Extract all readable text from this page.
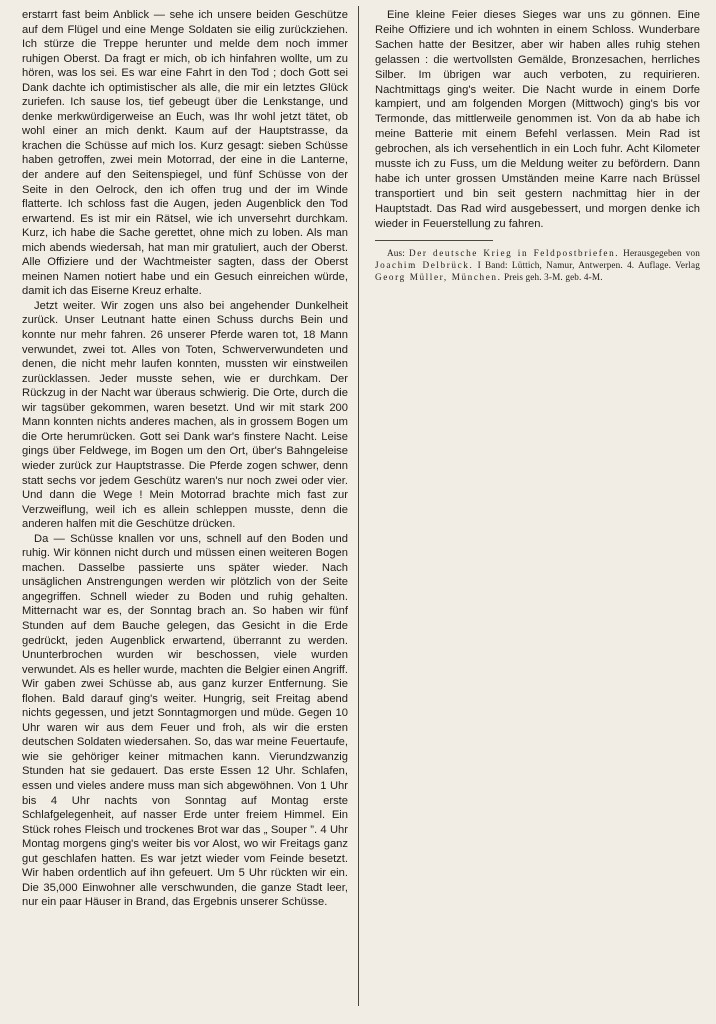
erstarrt fast beim Anblick — sehe ich unsere beiden Geschütze auf dem Flügel und eine Menge Soldaten sie eilig zurückziehen. Ich stürze die Treppe herunter und melde dem noch immer ruhigen Oberst. Da fragt er mich, ob ich hinfahren wollte, um zu hören, was los sei. Es war eine Fahrt in den Tod ; doch Gott sei Dank dachte ich optimistischer als alle, die mir ein letztes Glück zuriefen. Ich sause los, tief gebeugt über die Lenkstange, und denke merkwürdigerweise an Euch, was Ihr wohl jetzt tätet, ob wohl einer an mich denkt. Kaum auf der Hauptstrasse, da krachen die Schüsse auf mich los. Kurz gesagt: sieben Schüsse haben getroffen, zwei mein Motorrad, der eine in die Lanterne, der andere auf den Seitenspiegel, und fünf Schüsse von der Seite in den Oelrock, den ich offen trug und der im Winde flatterte. Ich schloss fast die Augen, jeden Augenblick den Tod erwartend. Es ist mir ein Rätsel, wie ich unversehrt durchkam. Kurz, ich habe die Sache gerettet, ohne mich zu loben. Als man mich abends wiedersah, hat man mir gratuliert, auch der Oberst. Alle Offiziere und der Wachtmeister sagten, dass der Oberst meinen Namen notiert habe und ein Gesuch einreichen würde, damit ich das Eiserne Kreuz erhalte.

Jetzt weiter. Wir zogen uns also bei angehender Dunkelheit zurück. Unser Leutnant hatte einen Schuss durchs Bein und konnte nur mehr fahren. 26 unserer Pferde waren tot, 18 Mann verwundet, zwei tot. Alles von Toten, Schwerverwundeten und denen, die nicht mehr laufen konnten, mussten wir einstweilen zurücklassen. Jeder musste sehen, wie er durchkam. Der Rückzug in der Nacht war überaus schwierig. Die Orte, durch die wir tagsüber gekommen, waren besetzt. Und wir mit stark 200 Mann konnten nichts anderes machen, als in grossem Bogen um die Orte herumrücken. Gott sei Dank war's finstere Nacht. Leise gings über Feldwege, im Bogen um den Ort, über's Bahngeleise wieder zurück zur Hauptstrasse. Die Pferde zogen schwer, denn statt sechs vor jedem Geschütz waren's nur noch zwei oder vier. Und dann die Wege ! Mein Motorrad brachte mich fast zur Verzweiflung, weil ich es allein schleppen musste, denn die anderen halfen mit die Geschütze drücken.

Da — Schüsse knallen vor uns, schnell auf den Boden und ruhig. Wir können nicht durch und müssen einen weiteren Bogen machen. Dasselbe passierte uns später wieder. Nach unsäglichen Anstrengungen werden wir plötzlich von der Seite angegriffen. Schnell wieder zu Boden und ruhig gehalten. Mitternacht war es, der Sonntag brach an. So haben wir fünf Stunden auf dem Bauche gelegen, das Gesicht in die Erde gedrückt, jeden Augenblick erwartend, überrannt zu werden. Ununterbrochen wurden wir beschossen, viele wurden verwundet. Als es heller wurde, machten die Belgier einen Angriff. Wir gaben zwei Schüsse ab, aus ganz kurzer Entfernung. Sie flohen. Bald darauf ging's weiter. Hungrig, seit Freitag abend nichts gegessen, und jetzt Sonntagmorgen und müde. Gegen 10 Uhr waren wir aus dem Feuer und froh, als wir die ersten deutschen Soldaten wiedersahen. So, das war meine Feuertaufe, wie sie gehöriger keiner mitmachen kann. Vierundzwanzig Stunden hat sie gedauert. Das erste Essen 12 Uhr. Schlafen, essen und vieles andere muss man sich abgewöhnen. Von 1 Uhr bis 4 Uhr nachts von Sonntag auf Montag erste Schlafgelegenheit, auf nasser Erde unter freiem Himmel. Ein Stück rohes Fleisch und trockenes Brot war das „ Souper ”. 4 Uhr Montag morgens ging's weiter bis vor Alost, wo wir Freitags ganz gut geschlafen hatten. Es war jetzt wieder vom Feinde besetzt. Wir haben ordentlich auf ihn gefeuert. Um 5 Uhr rückten wir ein. Die 35,000 Einwohner alle verschwunden, die ganze Stadt leer, nur ein paar Häuser in Brand, das Ergebnis unserer Schüsse.

Eine kleine Feier dieses Sieges war uns zu gönnen. Eine Reihe Offiziere und ich wohnten in einem Schloss. Wunderbare Sachen hatte der Besitzer, aber wir haben alles ruhig stehen gelassen : die wertvollsten Gemälde, Bronzesachen, herrliches Silber. Im übrigen war auch verboten, zu requirieren. Nachtmittags ging's weiter. Die Nacht wurde in einem Dorfe kampiert, und am folgenden Morgen (Mittwoch) ging's bis vor Termonde, das mittlerweile genommen ist. Von da ab habe ich meine Batterie mit einem Befehl verlassen. Mein Rad ist gebrochen, als ich versehentlich in ein Loch fuhr. Acht Kilometer musste ich zu Fuss, um die Meldung weiter zu befördern. Dann habe ich unter grossen Umständen meine Karre nach Brüssel transportiert und bin seit gestern nachmittag hier in der Hauptstadt. Das Rad wird ausgebessert, und morgen denke ich wieder in Feuerstellung zu fahren.

Aus: Der deutsche Krieg in Feldpostbriefen. Herausgegeben von Joachim Delbrück. I Band: Lüttich, Namur, Antwerpen. 4. Auflage. Verlag Georg Müller, München. Preis geh. 3-M. geb. 4-M.
